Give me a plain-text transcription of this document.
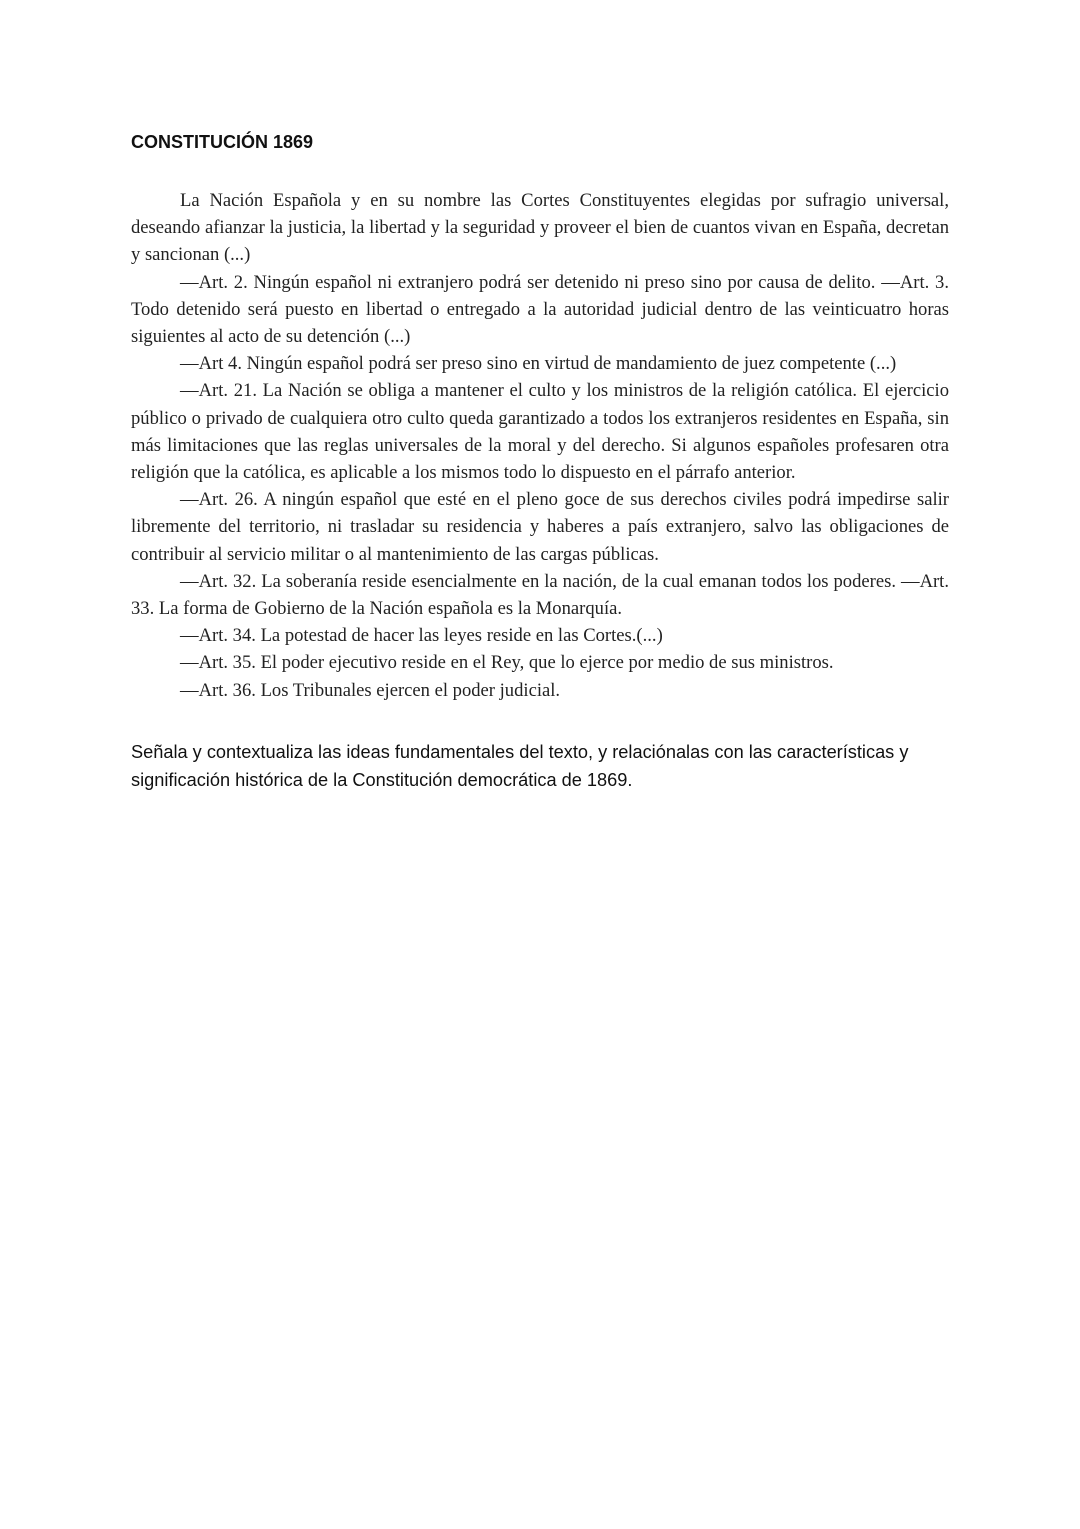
CONSTITUCIÓN 1869

La Nación Española y en su nombre las Cortes Constituyentes elegidas por sufragio universal, deseando afianzar la justicia, la libertad y la seguridad y proveer el bien de cuantos vivan en España, decretan y sancionan (...)

—Art. 2. Ningún español ni extranjero podrá ser detenido ni preso sino por causa de delito. —Art. 3. Todo detenido será puesto en libertad o entregado a la autoridad judicial dentro de las veinticuatro horas siguientes al acto de su detención (...)

—Art 4. Ningún español podrá ser preso sino en virtud de mandamiento de juez competente (...)

—Art. 21. La Nación se obliga a mantener el culto y los ministros de la religión católica. El ejercicio público o privado de cualquiera otro culto queda garantizado a todos los extranjeros residentes en España, sin más limitaciones que las reglas universales de la moral y del derecho. Si algunos españoles profesaren otra religión que la católica, es aplicable a los mismos todo lo dispuesto en el párrafo anterior.

—Art. 26. A ningún español que esté en el pleno goce de sus derechos civiles podrá impedirse salir libremente del territorio, ni trasladar su residencia y haberes a país extranjero, salvo las obligaciones de contribuir al servicio militar o al mantenimiento de las cargas públicas.

—Art. 32. La soberanía reside esencialmente en la nación, de la cual emanan todos los poderes. —Art. 33. La forma de Gobierno de la Nación española es la Monarquía.

—Art. 34. La potestad de hacer las leyes reside en las Cortes.(...)

—Art. 35. El poder ejecutivo reside en el Rey, que lo ejerce por medio de sus ministros.

—Art. 36. Los Tribunales ejercen el poder judicial.

Señala y contextualiza las ideas fundamentales del texto, y relaciónalas con las características y significación histórica de la Constitución democrática de 1869.
